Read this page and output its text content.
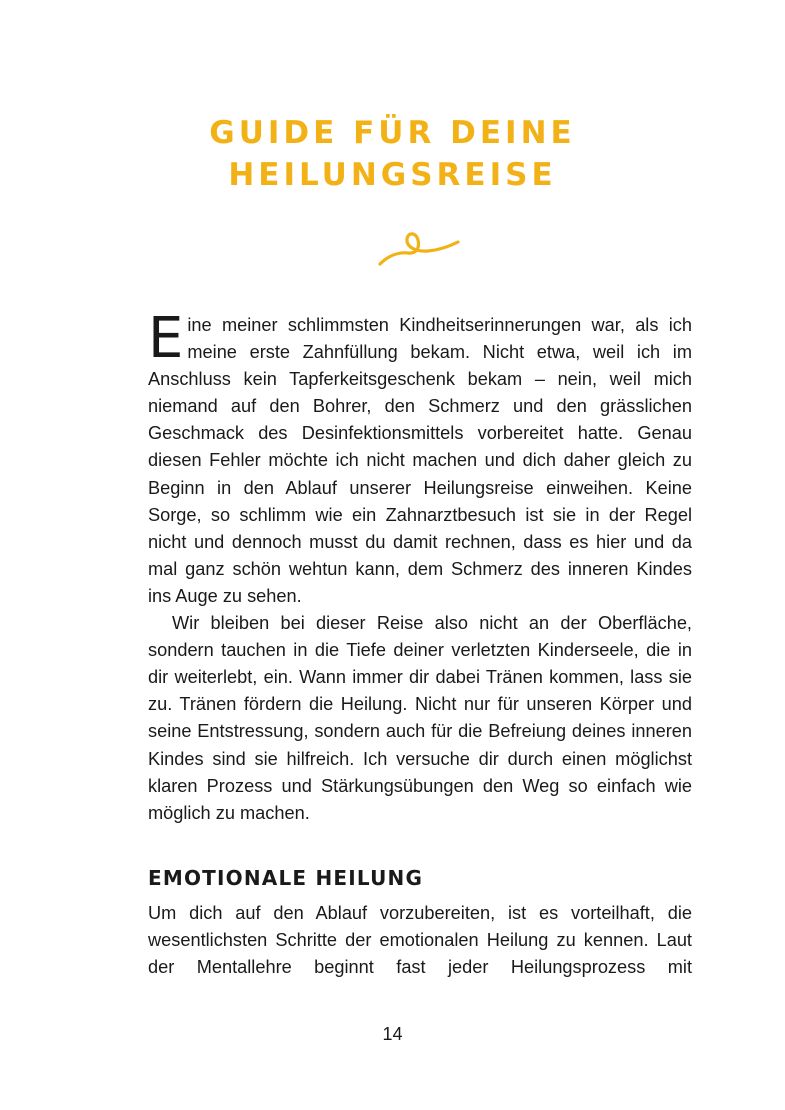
GUIDE FÜR DEINE
HEILUNGSREISE

Eine meiner schlimmsten Kindheitserinnerungen war, als ich meine erste Zahnfüllung bekam. Nicht etwa, weil ich im Anschluss kein Tapferkeitsgeschenk bekam – nein, weil mich niemand auf den Bohrer, den Schmerz und den grässlichen Geschmack des Desinfektionsmittels vorbereitet hatte. Genau diesen Fehler möchte ich nicht machen und dich daher gleich zu Beginn in den Ablauf unserer Heilungsreise einweihen. Keine Sorge, so schlimm wie ein Zahnarztbesuch ist sie in der Regel nicht und dennoch musst du damit rechnen, dass es hier und da mal ganz schön wehtun kann, dem Schmerz des inneren Kindes ins Auge zu sehen.

Wir bleiben bei dieser Reise also nicht an der Oberfläche, sondern tauchen in die Tiefe deiner verletzten Kinderseele, die in dir weiterlebt, ein. Wann immer dir dabei Tränen kommen, lass sie zu. Tränen fördern die Heilung. Nicht nur für unseren Körper und seine Entstressung, sondern auch für die Befreiung deines inneren Kindes sind sie hilfreich. Ich versuche dir durch einen möglichst klaren Prozess und Stärkungsübungen den Weg so einfach wie möglich zu machen.

EMOTIONALE HEILUNG

Um dich auf den Ablauf vorzubereiten, ist es vorteilhaft, die wesentlichsten Schritte der emotionalen Heilung zu kennen. Laut der Mentallehre beginnt fast jeder Heilungsprozess mit

14
